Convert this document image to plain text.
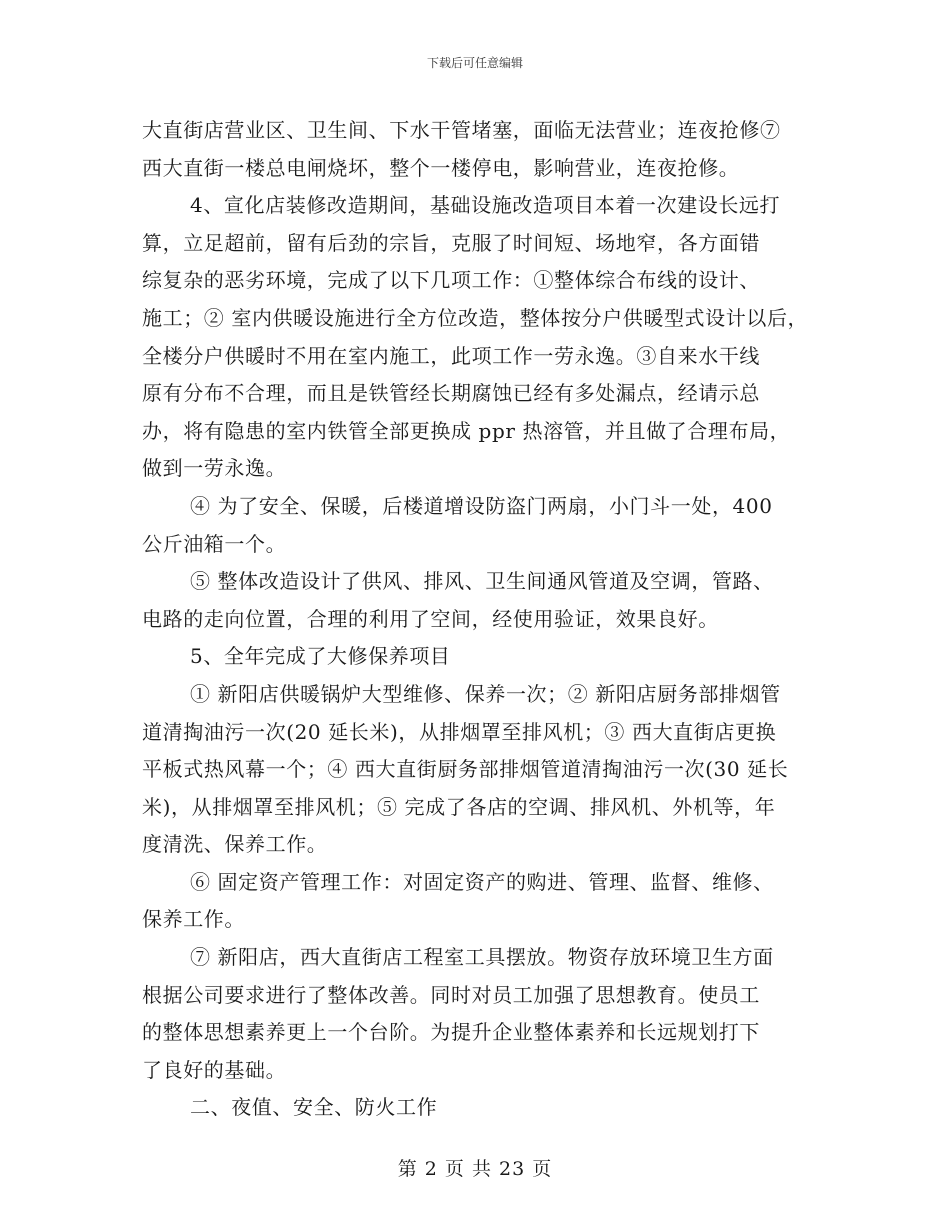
下载后可任意编辑
大直街店营业区、卫生间、下水干管堵塞，面临无法营业；连夜抢修⑦
西大直街一楼总电闸烧坏，整个一楼停电，影响营业，连夜抢修。
4、宣化店装修改造期间，基础设施改造项目本着一次建设长远打
算，立足超前，留有后劲的宗旨，克服了时间短、场地窄，各方面错
综复杂的恶劣环境，完成了以下几项工作：①整体综合布线的设计、
施工；② 室内供暖设施进行全方位改造，整体按分户供暖型式设计以后，
全楼分户供暖时不用在室内施工，此项工作一劳永逸。③自来水干线
原有分布不合理，而且是铁管经长期腐蚀已经有多处漏点，经请示总
办，将有隐患的室内铁管全部更换成 ppr 热溶管，并且做了合理布局，
做到一劳永逸。
④ 为了安全、保暖，后楼道增设防盗门两扇，小门斗一处，400
公斤油箱一个。
⑤ 整体改造设计了供风、排风、卫生间通风管道及空调，管路、
电路的走向位置，合理的利用了空间，经使用验证，效果良好。
5、全年完成了大修保养项目
① 新阳店供暖锅炉大型维修、保养一次；② 新阳店厨务部排烟管
道清掏油污一次(20 延长米)，从排烟罩至排风机；③ 西大直街店更换
平板式热风幕一个；④ 西大直街厨务部排烟管道清掏油污一次(30 延长
米)，从排烟罩至排风机；⑤ 完成了各店的空调、排风机、外机等，年
度清洗、保养工作。
⑥ 固定资产管理工作：对固定资产的购进、管理、监督、维修、
保养工作。
⑦ 新阳店，西大直街店工程室工具摆放。物资存放环境卫生方面
根据公司要求进行了整体改善。同时对员工加强了思想教育。使员工
的整体思想素养更上一个台阶。为提升企业整体素养和长远规划打下
了良好的基础。
二、夜值、安全、防火工作
第 2 页 共 23 页
